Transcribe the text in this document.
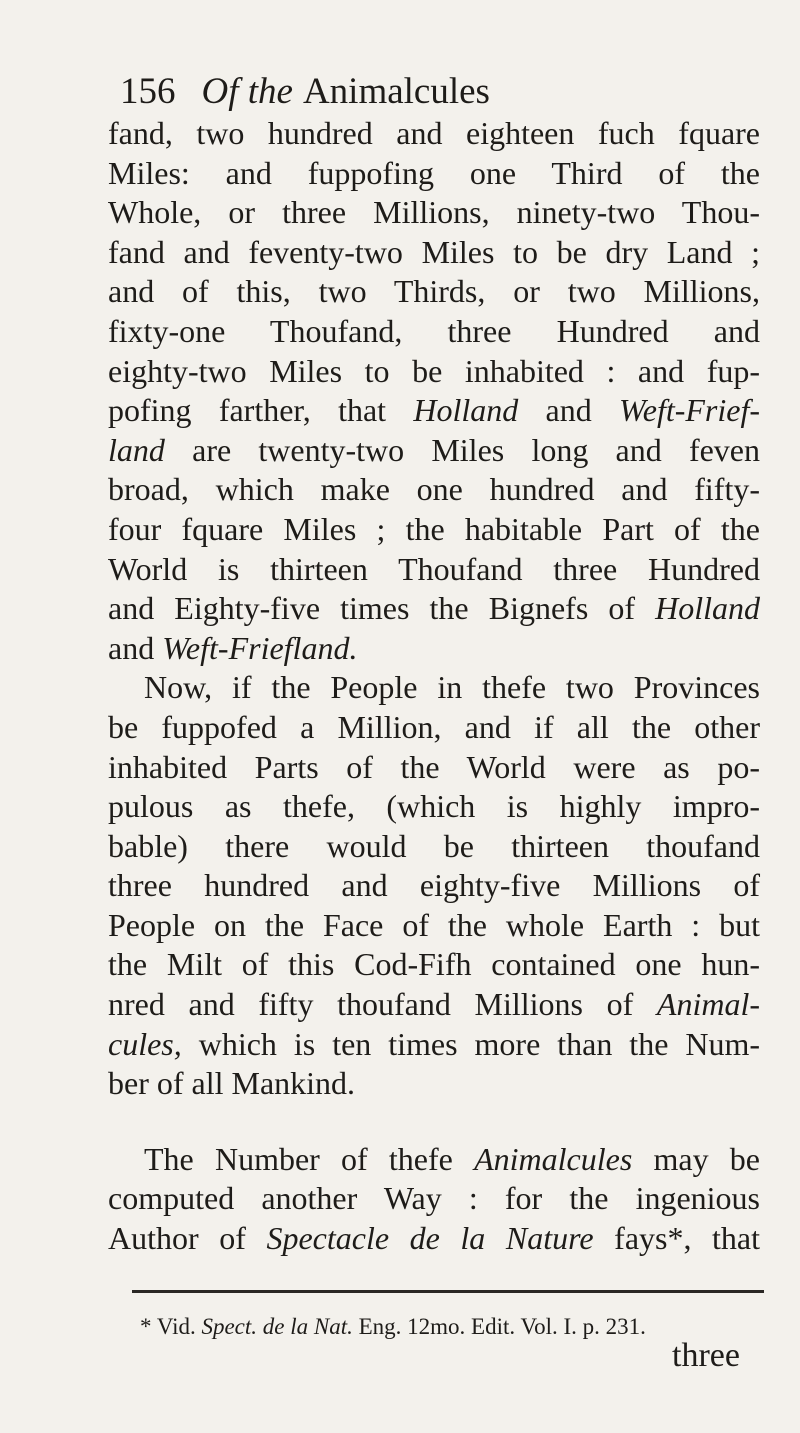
156 Of the Animalcules
fand, two hundred and eighteen fuch fquare
Miles: and fuppofing one Third of the
Whole, or three Millions, ninety-two Thou-
fand and feventy-two Miles to be dry Land ;
and of this, two Thirds, or two Millions,
fixty-one Thoufand, three Hundred and
eighty-two Miles to be inhabited : and fup-
pofing farther, that Holland and Weft-Frief-
land are twenty-two Miles long and feven
broad, which make one hundred and fifty-
four fquare Miles ; the habitable Part of the
World is thirteen Thoufand three Hundred
and Eighty-five times the Bignefs of Holland
and Weft-Friefland.
Now, if the People in thefe two Provinces
be fuppofed a Million, and if all the other
inhabited Parts of the World were as po-
pulous as thefe, (which is highly impro-
bable) there would be thirteen thoufand
three hundred and eighty-five Millions of
People on the Face of the whole Earth : but
the Milt of this Cod-Fifh contained one hun-
nred and fifty thoufand Millions of Animal-
cules, which is ten times more than the Num-
ber of all Mankind.
The Number of thefe Animalcules may be
computed another Way : for the ingenious
Author of Spectacle de la Nature fays*, that
* Vid. Spect. de la Nat. Eng. 12mo. Edit. Vol. I. p. 231.
three
